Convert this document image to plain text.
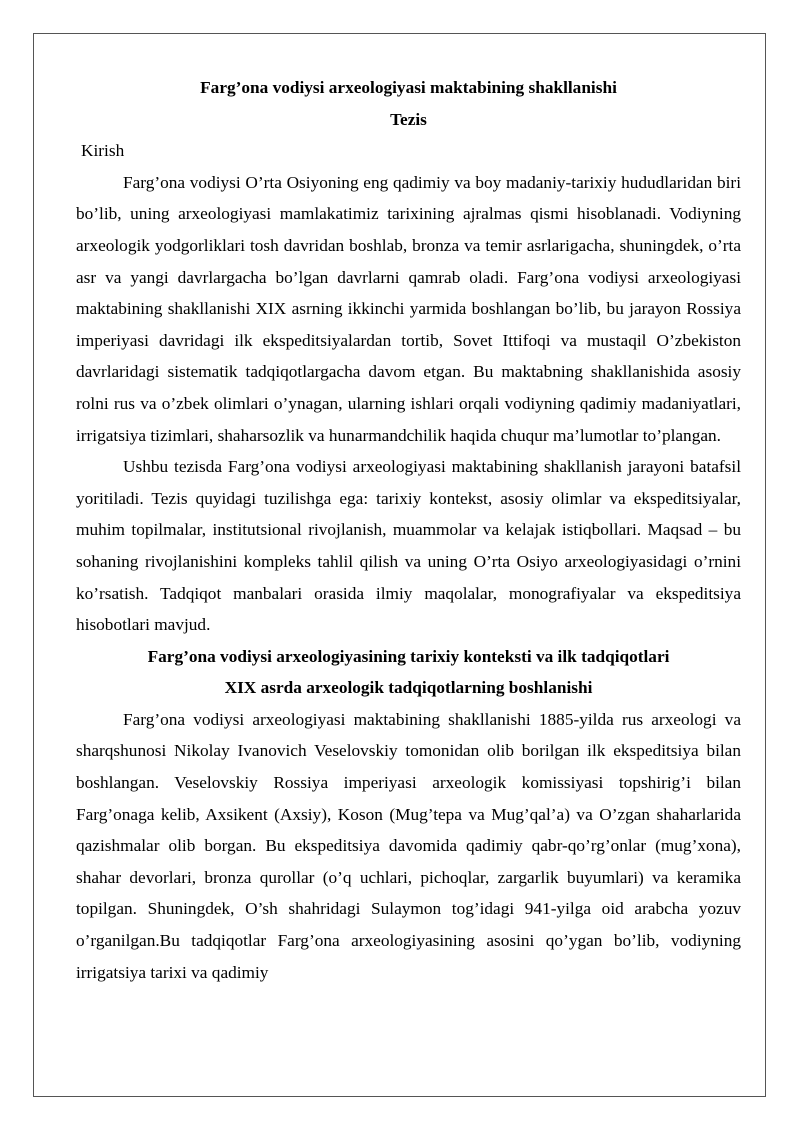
Farg’ona vodiysi arxeologiyasi maktabining shakllanishi

Tezis

Kirish

Farg’ona vodiysi O’rta Osiyoning eng qadimiy va boy madaniy-tarixiy hududlaridan biri bo’lib, uning arxeologiyasi mamlakatimiz tarixining ajralmas qismi hisoblanadi. Vodiyning arxeologik yodgorliklari tosh davridan boshlab, bronza va temir asrlarigacha, shuningdek, o’rta asr va yangi davrlargacha bo’lgan davrlarni qamrab oladi. Farg’ona vodiysi arxeologiyasi maktabining shakllanishi XIX asrning ikkinchi yarmida boshlangan bo’lib, bu jarayon Rossiya imperiyasi davridagi ilk ekspeditsiyalardan tortib, Sovet Ittifoqi va mustaqil O’zbekiston davrlaridagi sistematik tadqiqotlargacha davom etgan. Bu maktabning shakllanishida asosiy rolni rus va o’zbek olimlari o’ynagan, ularning ishlari orqali vodiyning qadimiy madaniyatlari, irrigatsiya tizimlari, shaharsozlik va hunarmandchilik haqida chuqur ma’lumotlar to’plangan.

Ushbu tezisda Farg’ona vodiysi arxeologiyasi maktabining shakllanish jarayoni batafsil yoritiladi. Tezis quyidagi tuzilishga ega: tarixiy kontekst, asosiy olimlar va ekspeditsiyalar, muhim topilmalar, institutsional rivojlanish, muammolar va kelajak istiqbollari. Maqsad – bu sohaning rivojlanishini kompleks tahlil qilish va uning O’rta Osiyo arxeologiyasidagi o’rnini ko’rsatish. Tadqiqot manbalari orasida ilmiy maqolalar, monografiyalar va ekspeditsiya hisobotlari mavjud.

Farg’ona vodiysi arxeologiyasining tarixiy konteksti va ilk tadqiqotlari

XIX asrda arxeologik tadqiqotlarning boshlanishi

Farg’ona vodiysi arxeologiyasi maktabining shakllanishi 1885-yilda rus arxeologi va sharqshunosi Nikolay Ivanovich Veselovskiy tomonidan olib borilgan ilk ekspeditsiya bilan boshlangan. Veselovskiy Rossiya imperiyasi arxeologik komissiyasi topshirig’i bilan Farg’onaga kelib, Axsikent (Axsiy), Koson (Mug’tepa va Mug’qal’a) va O’zgan shaharlarida qazishmalar olib borgan. Bu ekspeditsiya davomida qadimiy qabr-qo’rg’onlar (mug’xona), shahar devorlari, bronza qurollar (o’q uchlari, pichoqlar, zargarlik buyumlari) va keramika topilgan. Shuningdek, O’sh shahridagi Sulaymon tog’idagi 941-yilga oid arabcha yozuv o’rganilgan.Bu tadqiqotlar Farg’ona arxeologiyasining asosini qo’ygan bo’lib, vodiyning irrigatsiya tarixi va qadimiy
